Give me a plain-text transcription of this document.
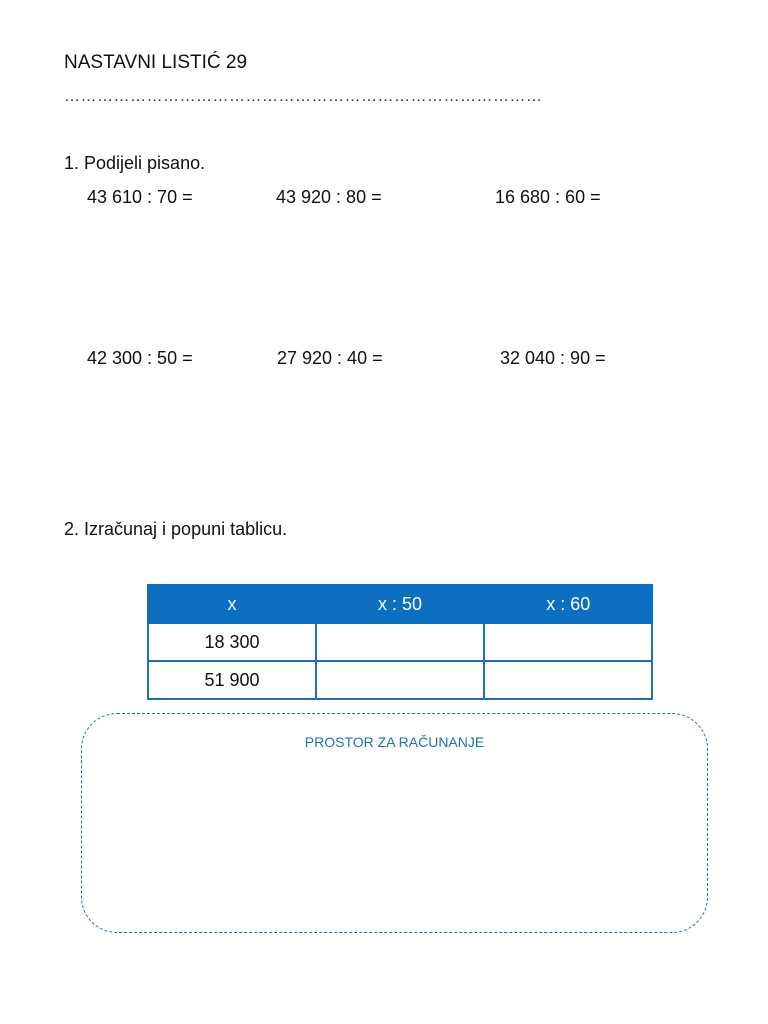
NASTAVNI LISTIĆ 29
……………………………………………………………………………
1. Podijeli pisano.
43 610 : 70 =	43 920 : 80 =	16 680 : 60 =
42 300 : 50 =	27 920 : 40 =	32 040 : 90 =
2. Izračunaj i popuni tablicu.
x	x : 50	x : 60
18 300		
51 900		
PROSTOR ZA RAČUNANJE
